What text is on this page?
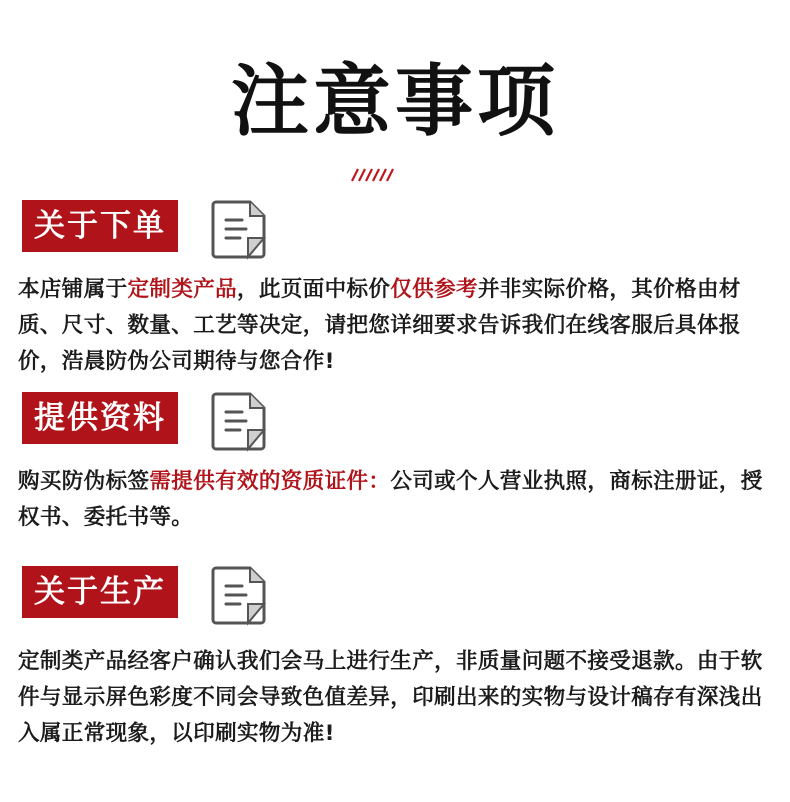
注意事项
关于下单
本店铺属于定制类产品，此页面中标价仅供参考并非实际价格，其价格由材质、尺寸、数量、工艺等决定，请把您详细要求告诉我们在线客服后具体报价，浩晨防伪公司期待与您合作!
提供资料
购买防伪标签需提供有效的资质证件：公司或个人营业执照，商标注册证，授权书、委托书等。
关于生产
定制类产品经客户确认我们会马上进行生产，非质量问题不接受退款。由于软件与显示屏色彩度不同会导致色值差异，印刷出来的实物与设计稿存有深浅出入属正常现象，以印刷实物为准!
